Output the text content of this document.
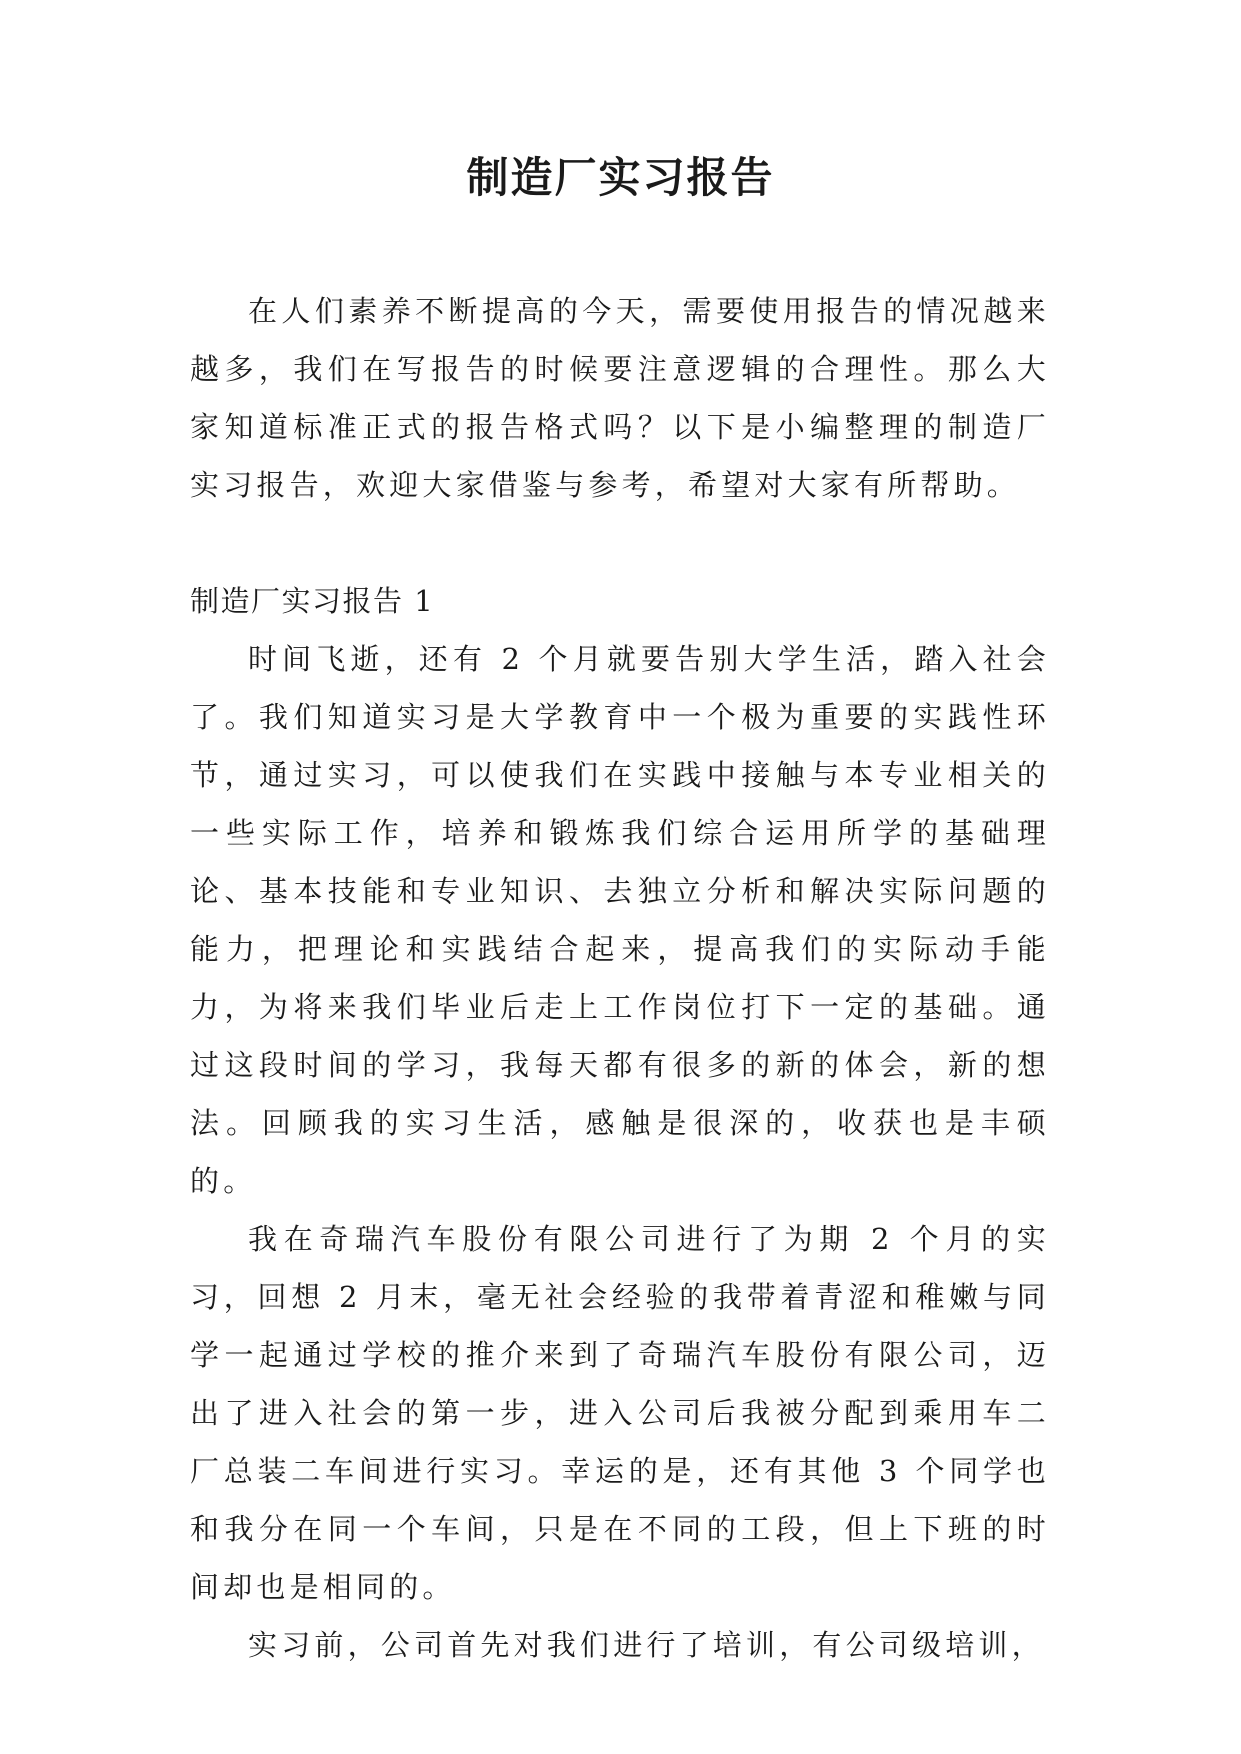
制造厂实习报告

在人们素养不断提高的今天，需要使用报告的情况越来越多，我们在写报告的时候要注意逻辑的合理性。那么大家知道标准正式的报告格式吗？以下是小编整理的制造厂实习报告，欢迎大家借鉴与参考，希望对大家有所帮助。

制造厂实习报告 1

时间飞逝，还有 2 个月就要告别大学生活，踏入社会了。我们知道实习是大学教育中一个极为重要的实践性环节，通过实习，可以使我们在实践中接触与本专业相关的一些实际工作，培养和锻炼我们综合运用所学的基础理论、基本技能和专业知识、去独立分析和解决实际问题的能力，把理论和实践结合起来，提高我们的实际动手能力，为将来我们毕业后走上工作岗位打下一定的基础。通过这段时间的学习，我每天都有很多的新的体会，新的想法。回顾我的实习生活，感触是很深的，收获也是丰硕的。

我在奇瑞汽车股份有限公司进行了为期 2 个月的实习，回想 2 月末，毫无社会经验的我带着青涩和稚嫩与同学一起通过学校的推介来到了奇瑞汽车股份有限公司，迈出了进入社会的第一步，进入公司后我被分配到乘用车二厂总装二车间进行实习。幸运的是，还有其他 3 个同学也和我分在同一个车间，只是在不同的工段，但上下班的时间却也是相同的。

实习前，公司首先对我们进行了培训，有公司级培训，
